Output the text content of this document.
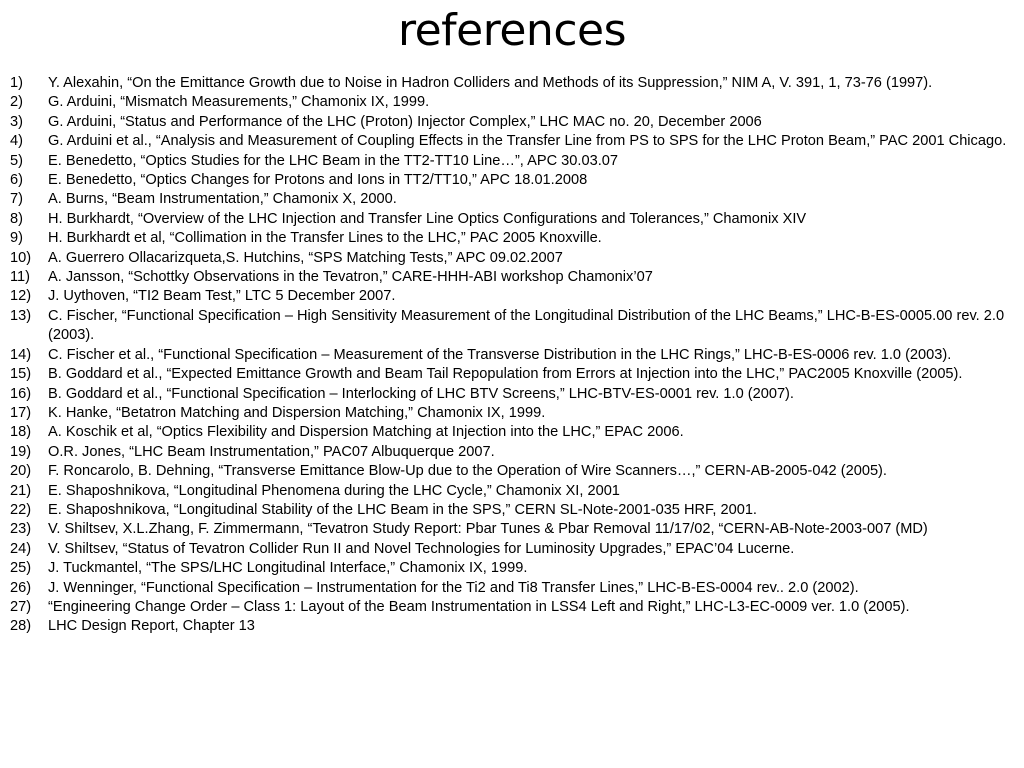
references
1)	Y. Alexahin, “On the Emittance Growth due to Noise in Hadron Colliders and Methods of its Suppression,” NIM A, V. 391, 1, 73-76 (1997).
2)	G. Arduini, “Mismatch Measurements,” Chamonix IX, 1999.
3)	G. Arduini, “Status and Performance of the LHC (Proton) Injector Complex,” LHC MAC no. 20, December 2006
4)	G. Arduini et al., “Analysis and Measurement of Coupling Effects in the Transfer Line from PS to SPS for the LHC Proton Beam,” PAC 2001 Chicago.
5)	E. Benedetto, “Optics Studies for the LHC Beam in the TT2-TT10 Line…”, APC 30.03.07
6)	E. Benedetto, “Optics Changes for Protons and Ions in TT2/TT10,” APC 18.01.2008
7)	A. Burns, “Beam Instrumentation,” Chamonix X, 2000.
8)	H. Burkhardt, “Overview of the LHC Injection and Transfer Line Optics Configurations and Tolerances,” Chamonix XIV
9)	H. Burkhardt et al, “Collimation in the Transfer Lines to the LHC,” PAC 2005 Knoxville.
10)	A. Guerrero Ollacarizqueta,S. Hutchins, “SPS Matching Tests,” APC 09.02.2007
11)	A. Jansson, “Schottky Observations in the Tevatron,” CARE-HHH-ABI workshop Chamonix’07
12)	J. Uythoven, “TI2 Beam Test,” LTC 5 December 2007.
13)	C. Fischer, “Functional Specification – High Sensitivity Measurement of the Longitudinal Distribution of the LHC Beams,” LHC-B-ES-0005.00 rev. 2.0 (2003).
14)	C. Fischer et al., “Functional Specification – Measurement of the Transverse Distribution in the LHC Rings,” LHC-B-ES-0006 rev. 1.0 (2003).
15)	B. Goddard et al., “Expected Emittance Growth and Beam Tail Repopulation from Errors at Injection into the LHC,” PAC2005 Knoxville (2005).
16)	B. Goddard et al., “Functional Specification – Interlocking of LHC BTV Screens,” LHC-BTV-ES-0001 rev. 1.0 (2007).
17)	K. Hanke, “Betatron Matching and Dispersion Matching,” Chamonix IX, 1999.
18)	A. Koschik et al, “Optics Flexibility and Dispersion Matching at Injection into the LHC,” EPAC 2006.
19)	O.R. Jones, “LHC Beam Instrumentation,” PAC07 Albuquerque 2007.
20)	F. Roncarolo, B. Dehning, “Transverse Emittance Blow-Up due to the Operation of Wire Scanners…,” CERN-AB-2005-042 (2005).
21)	E. Shaposhnikova, “Longitudinal Phenomena during the LHC Cycle,” Chamonix XI, 2001
22)	E. Shaposhnikova, “Longitudinal Stability of the LHC Beam in the SPS,” CERN SL-Note-2001-035 HRF, 2001.
23)	V. Shiltsev, X.L.Zhang, F. Zimmermann, “Tevatron Study Report: Pbar Tunes & Pbar Removal 11/17/02, “CERN-AB-Note-2003-007 (MD)
24)	V. Shiltsev, “Status of Tevatron Collider Run II and Novel Technologies for Luminosity Upgrades,” EPAC’04 Lucerne.
25)	J. Tuckmantel, “The SPS/LHC Longitudinal Interface,” Chamonix IX, 1999.
26)	J. Wenninger, “Functional Specification – Instrumentation for the Ti2 and Ti8 Transfer Lines,” LHC-B-ES-0004 rev.. 2.0 (2002).
27)	“Engineering Change Order – Class 1: Layout of the Beam Instrumentation in LSS4 Left and Right,” LHC-L3-EC-0009 ver. 1.0 (2005).
28)	LHC Design Report, Chapter 13
